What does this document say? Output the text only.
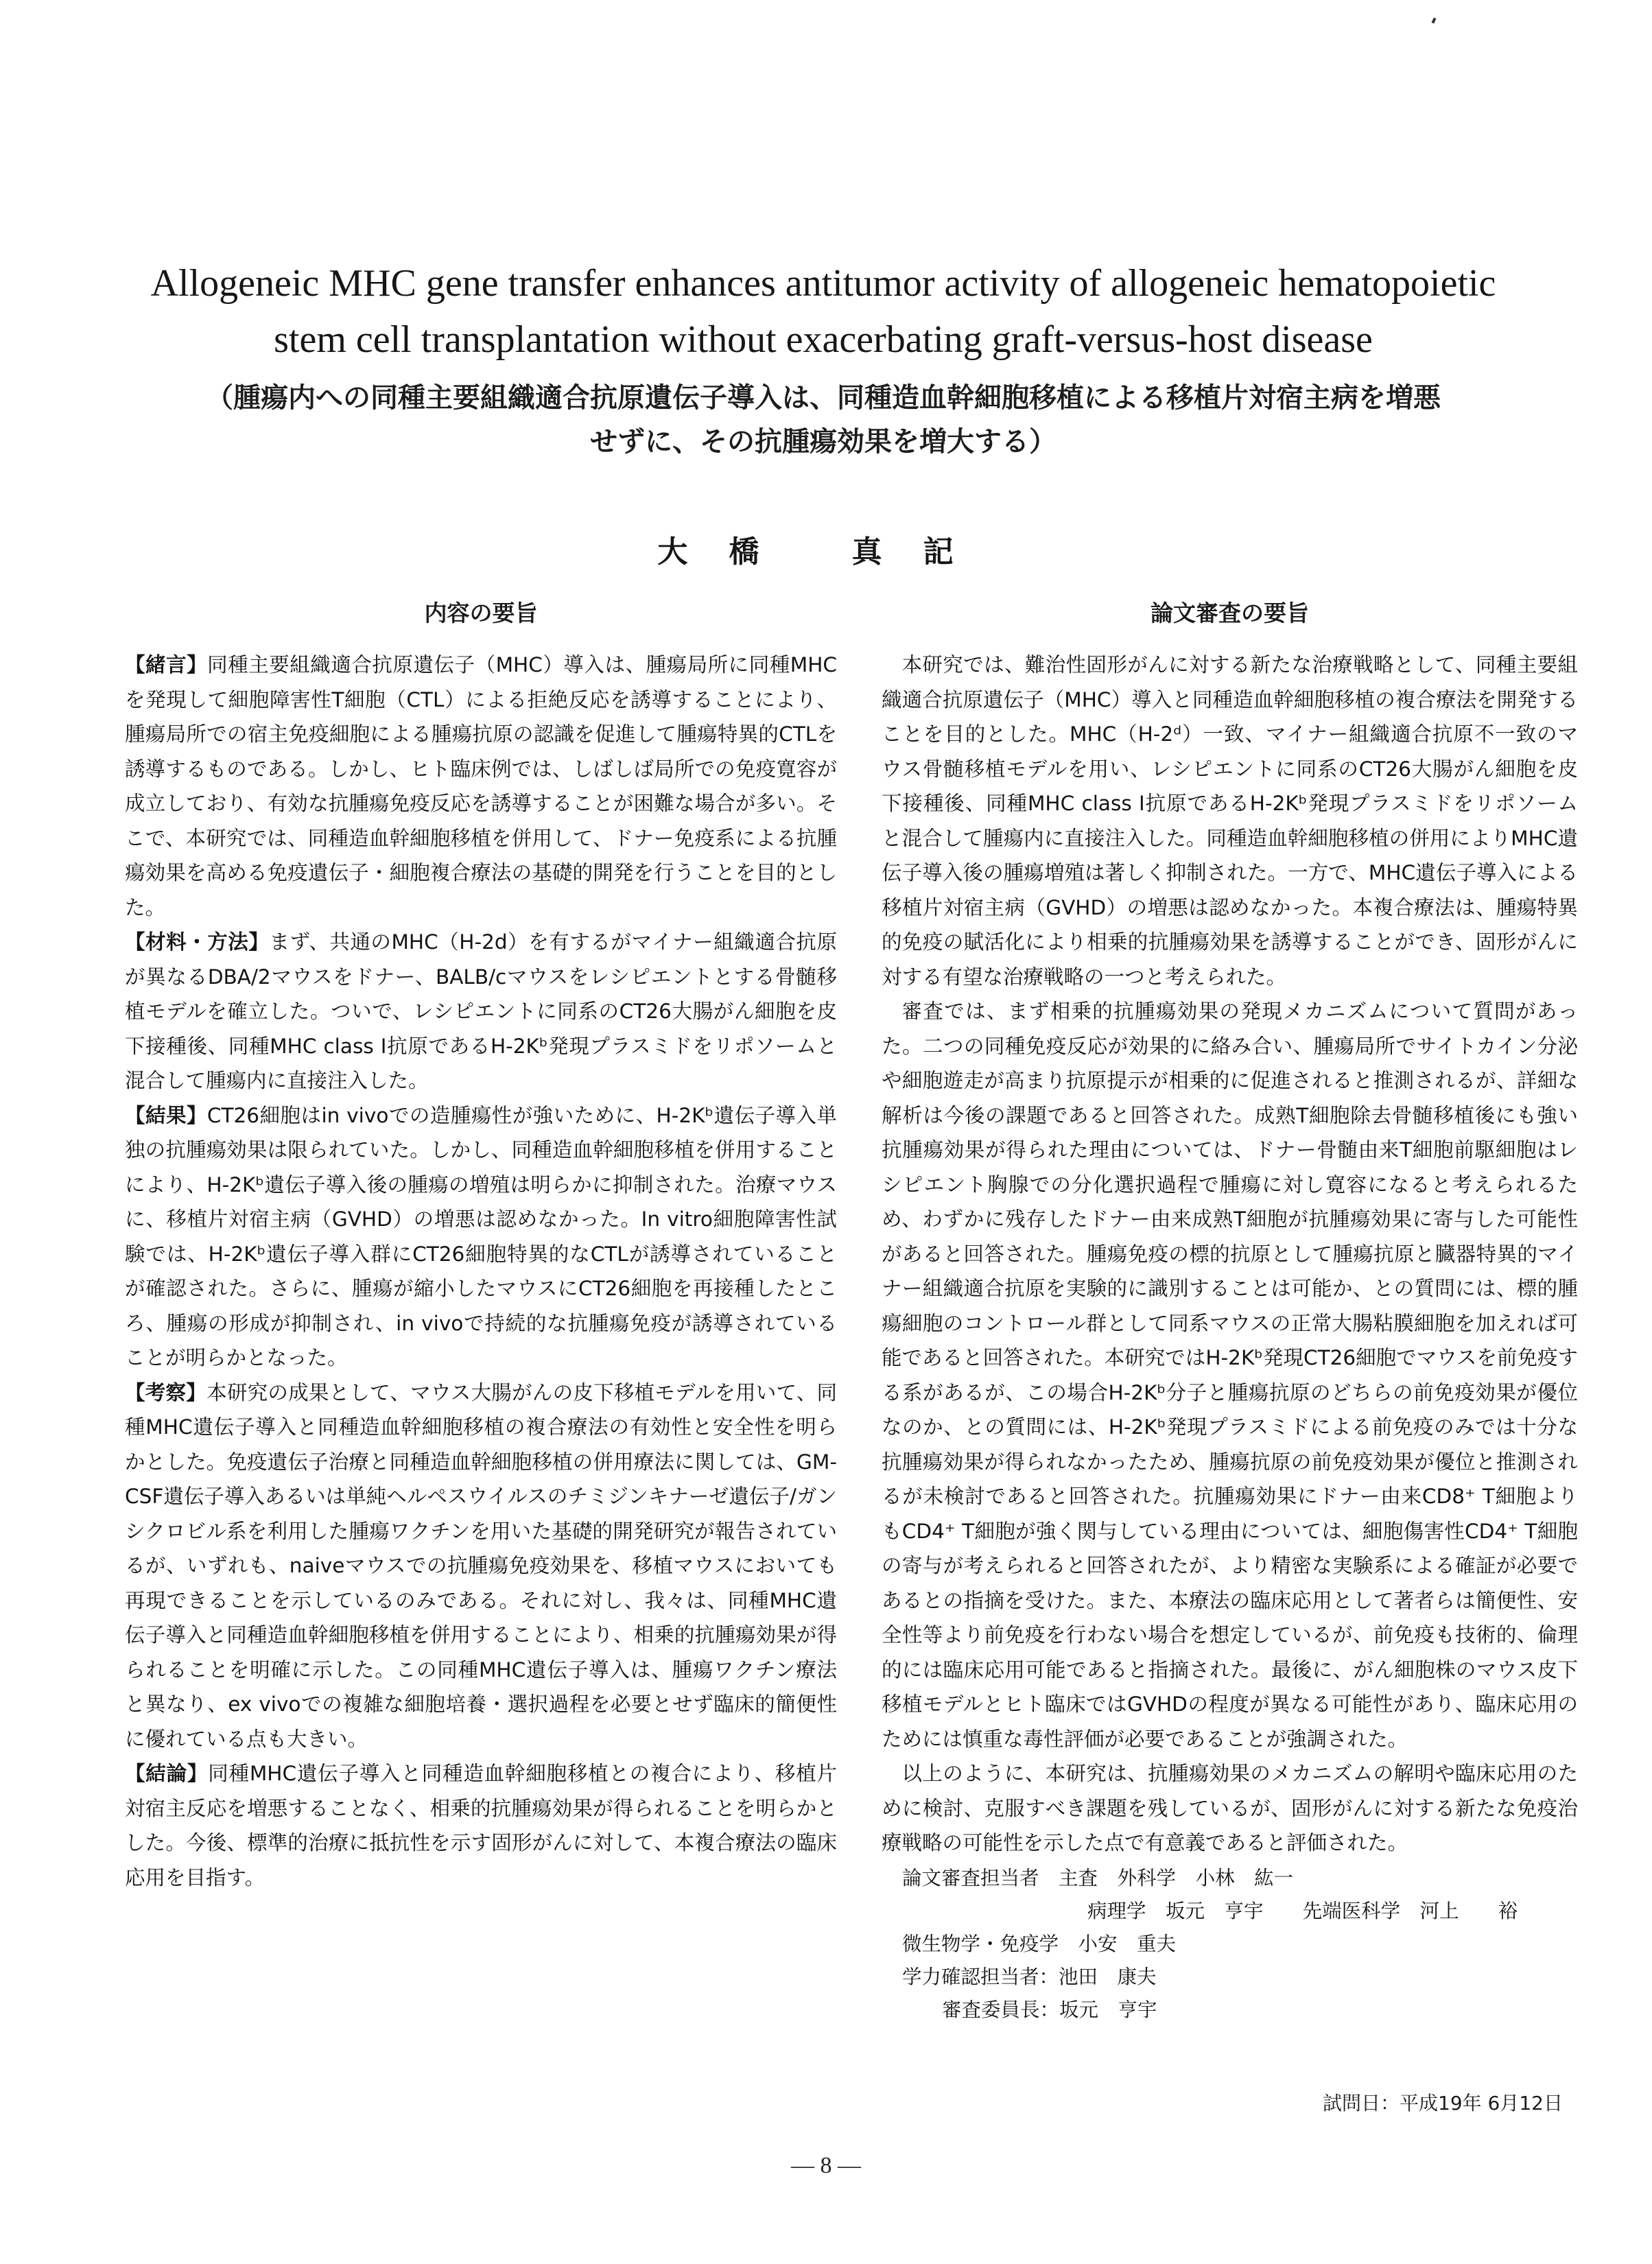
Allogeneic MHC gene transfer enhances antitumor activity of allogeneic hematopoietic stem cell transplantation without exacerbating graft-versus-host disease
（腫瘍内への同種主要組織適合抗原遺伝子導入は、同種造血幹細胞移植による移植片対宿主病を増悪せずに、その抗腫瘍効果を増大する）
大橋 真記
内容の要旨	論文審査の要旨

【緒言】同種主要組織適合抗原遺伝子（MHC）導入は、腫瘍局所に同種MHCを発現して細胞障害性T細胞（CTL）による拒絶反応を誘導することにより、腫瘍局所での宿主免疫細胞による腫瘍抗原の認識を促進して腫瘍特異的CTLを誘導するものである。しかし、ヒト臨床例では、しばしば局所での免疫寛容が成立しており、有効な抗腫瘍免疫反応を誘導することが困難な場合が多い。そこで、本研究では、同種造血幹細胞移植を併用して、ドナー免疫系による抗腫瘍効果を高める免疫遺伝子・細胞複合療法の基礎的開発を行うことを目的とした。

【材料・方法】まず、共通のMHC（H-2d）を有するがマイナー組織適合抗原が異なるDBA/2マウスをドナー、BALB/cマウスをレシピエントとする骨髄移植モデルを確立した。ついで、レシピエントに同系のCT26大腸がん細胞を皮下接種後、同種MHC class Ⅰ抗原であるH-2Kᵇ発現プラスミドをリポソームと混合して腫瘍内に直接注入した。

【結果】CT26細胞はin vivoでの造腫瘍性が強いために、H-2Kᵇ遺伝子導入単独の抗腫瘍効果は限られていた。しかし、同種造血幹細胞移植を併用することにより、H-2Kᵇ遺伝子導入後の腫瘍の増殖は明らかに抑制された。治療マウスに、移植片対宿主病（GVHD）の増悪は認めなかった。In vitro細胞障害性試験では、H-2Kᵇ遺伝子導入群にCT26細胞特異的なCTLが誘導されていることが確認された。さらに、腫瘍が縮小したマウスにCT26細胞を再接種したところ、腫瘍の形成が抑制され、in vivoで持続的な抗腫瘍免疫が誘導されていることが明らかとなった。

【考察】本研究の成果として、マウス大腸がんの皮下移植モデルを用いて、同種MHC遺伝子導入と同種造血幹細胞移植の複合療法の有効性と安全性を明らかとした。免疫遺伝子治療と同種造血幹細胞移植の併用療法に関しては、GM-CSF遺伝子導入あるいは単純ヘルペスウイルスのチミジンキナーゼ遺伝子/ガンシクロビル系を利用した腫瘍ワクチンを用いた基礎的開発研究が報告されているが、いずれも、naiveマウスでの抗腫瘍免疫効果を、移植マウスにおいても再現できることを示しているのみである。それに対し、我々は、同種MHC遺伝子導入と同種造血幹細胞移植を併用することにより、相乗的抗腫瘍効果が得られることを明確に示した。この同種MHC遺伝子導入は、腫瘍ワクチン療法と異なり、ex vivoでの複雑な細胞培養・選択過程を必要とせず臨床的簡便性に優れている点も大きい。

【結論】同種MHC遺伝子導入と同種造血幹細胞移植との複合により、移植片対宿主反応を増悪することなく、相乗的抗腫瘍効果が得られることを明らかとした。今後、標準的治療に抵抗性を示す固形がんに対して、本複合療法の臨床応用を目指す。

本研究では、難治性固形がんに対する新たな治療戦略として、同種主要組織適合抗原遺伝子（MHC）導入と同種造血幹細胞移植の複合療法を開発することを目的とした。MHC（H-2ᵈ）一致、マイナー組織適合抗原不一致のマウス骨髄移植モデルを用い、レシピエントに同系のCT26大腸がん細胞を皮下接種後、同種MHC class Ⅰ抗原であるH-2Kᵇ発現プラスミドをリポソームと混合して腫瘍内に直接注入した。同種造血幹細胞移植の併用によりMHC遺伝子導入後の腫瘍増殖は著しく抑制された。一方で、MHC遺伝子導入による移植片対宿主病（GVHD）の増悪は認めなかった。本複合療法は、腫瘍特異的免疫の賦活化により相乗的抗腫瘍効果を誘導することができ、固形がんに対する有望な治療戦略の一つと考えられた。

審査では、まず相乗的抗腫瘍効果の発現メカニズムについて質問があった。二つの同種免疫反応が効果的に絡み合い、腫瘍局所でサイトカイン分泌や細胞遊走が高まり抗原提示が相乗的に促進されると推測されるが、詳細な解析は今後の課題であると回答された。成熟T細胞除去骨髄移植後にも強い抗腫瘍効果が得られた理由については、ドナー骨髄由来T細胞前駆細胞はレシピエント胸腺での分化選択過程で腫瘍に対し寛容になると考えられるため、わずかに残存したドナー由来成熟T細胞が抗腫瘍効果に寄与した可能性があると回答された。腫瘍免疫の標的抗原として腫瘍抗原と臓器特異的マイナー組織適合抗原を実験的に識別することは可能か、との質問には、標的腫瘍細胞のコントロール群として同系マウスの正常大腸粘膜細胞を加えれば可能であると回答された。本研究ではH-2Kᵇ発現CT26細胞でマウスを前免疫する系があるが、この場合H-2Kᵇ分子と腫瘍抗原のどちらの前免疫効果が優位なのか、との質問には、H-2Kᵇ発現プラスミドによる前免疫のみでは十分な抗腫瘍効果が得られなかったため、腫瘍抗原の前免疫効果が優位と推測されるが未検討であると回答された。抗腫瘍効果にドナー由来CD8⁺ T細胞よりもCD4⁺ T細胞が強く関与している理由については、細胞傷害性CD4⁺ T細胞の寄与が考えられると回答されたが、より精密な実験系による確証が必要であるとの指摘を受けた。また、本療法の臨床応用として著者らは簡便性、安全性等より前免疫を行わない場合を想定しているが、前免疫も技術的、倫理的には臨床応用可能であると指摘された。最後に、がん細胞株のマウス皮下移植モデルとヒト臨床ではGVHDの程度が異なる可能性があり、臨床応用のためには慎重な毒性評価が必要であることが強調された。

以上のように、本研究は、抗腫瘍効果のメカニズムの解明や臨床応用のために検討、克服すべき課題を残しているが、固形がんに対する新たな免疫治療戦略の可能性を示した点で有意義であると評価された。

論文審査担当者　主査　 外科学　 小林　紘一
病理学　 坂元　亨宇　　 先端医科学　 河上　　裕
微生物学・免疫学　 小安　重夫
学力確認担当者：池田　康夫
審査委員長：坂元　亨宇
試問日：平成19年 6月12日
— 8 —
